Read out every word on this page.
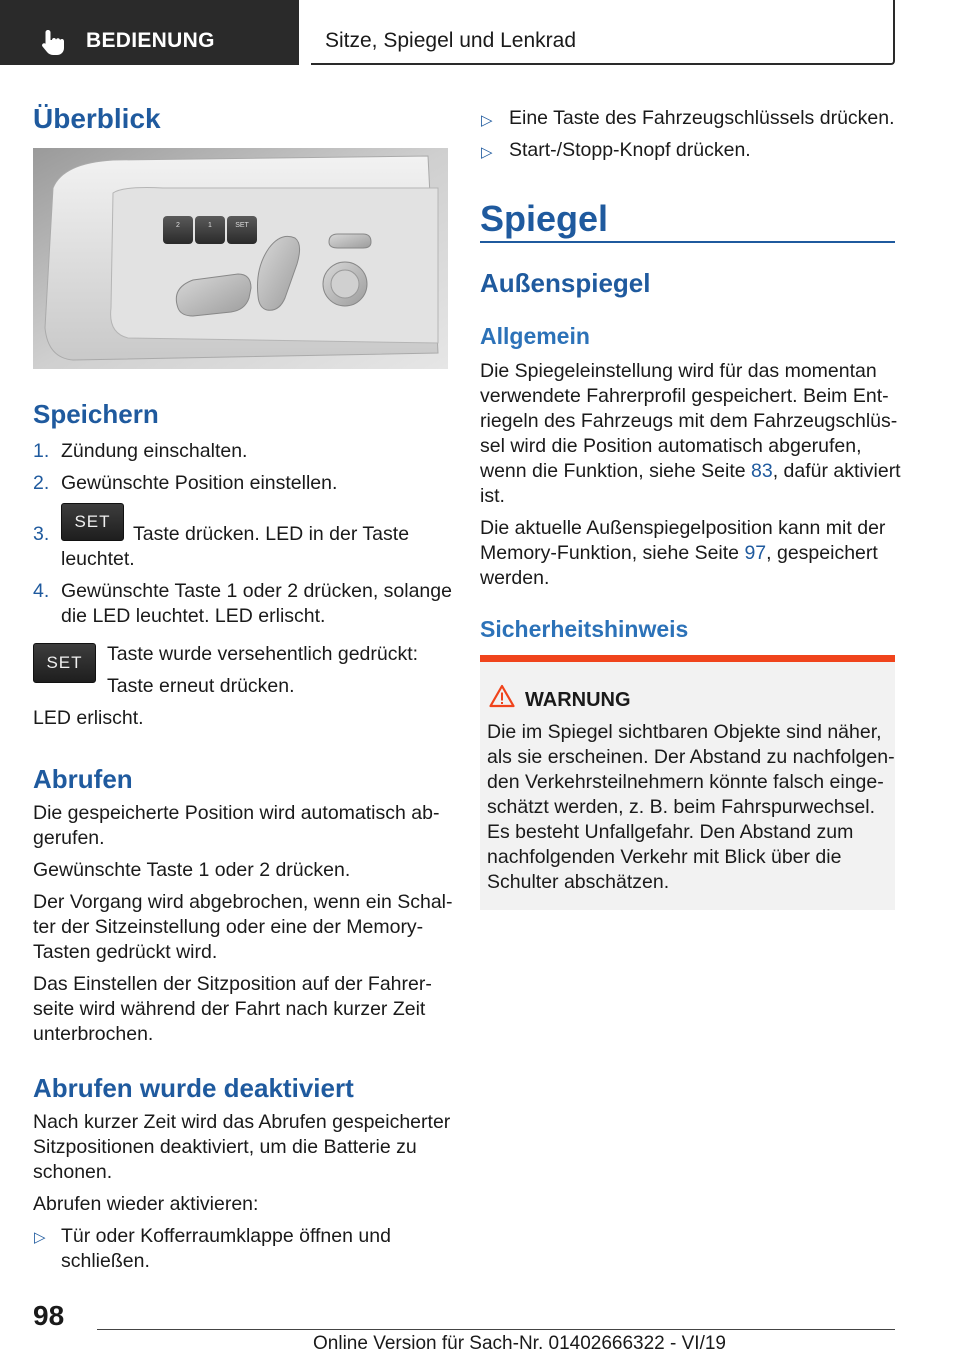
BEDIENUNG	Sitze, Spiegel und Lenkrad
Überblick
2	1	SET
Speichern
1. Zündung einschalten.
2. Gewünschte Position einstellen.
3.
SET
Taste drücken. LED in der Taste
leuchtet.
4. Gewünschte Taste 1 oder 2 drücken, solange
die LED leuchtet. LED erlischt.
SET	Taste wurde versehentlich gedrückt:
Taste erneut drücken.
LED erlischt.
Abrufen
Die gespeicherte Position wird automatisch ab-
gerufen.
Gewünschte Taste 1 oder 2 drücken.
Der Vorgang wird abgebrochen, wenn ein Schal-
ter der Sitzeinstellung oder eine der Memory-
Tasten gedrückt wird.
Das Einstellen der Sitzposition auf der Fahrer-
seite wird während der Fahrt nach kurzer Zeit
unterbrochen.
Abrufen wurde deaktiviert
Nach kurzer Zeit wird das Abrufen gespeicherter
Sitzpositionen deaktiviert, um die Batterie zu
schonen.
Abrufen wieder aktivieren:
▷ Tür oder Kofferraumklappe öffnen und
schließen.
▷ Eine Taste des Fahrzeugschlüssels drücken.
▷ Start-/Stopp-Knopf drücken.
Spiegel
Außenspiegel
Allgemein
Die Spiegeleinstellung wird für das momentan
verwendete Fahrerprofil gespeichert. Beim Ent-
riegeln des Fahrzeugs mit dem Fahrzeugschlüs-
sel wird die Position automatisch abgerufen,
wenn die Funktion, siehe Seite 83, dafür aktiviert
ist.
Die aktuelle Außenspiegelposition kann mit der
Memory-Funktion, siehe Seite 97, gespeichert
werden.
Sicherheitshinweis
WARNUNG
Die im Spiegel sichtbaren Objekte sind näher,
als sie erscheinen. Der Abstand zu nachfolgen-
den Verkehrsteilnehmern könnte falsch einge-
schätzt werden, z. B. beim Fahrspurwechsel.
Es besteht Unfallgefahr. Den Abstand zum
nachfolgenden Verkehr mit Blick über die
Schulter abschätzen.
98
Online Version für Sach-Nr. 01402666322 - VI/19
